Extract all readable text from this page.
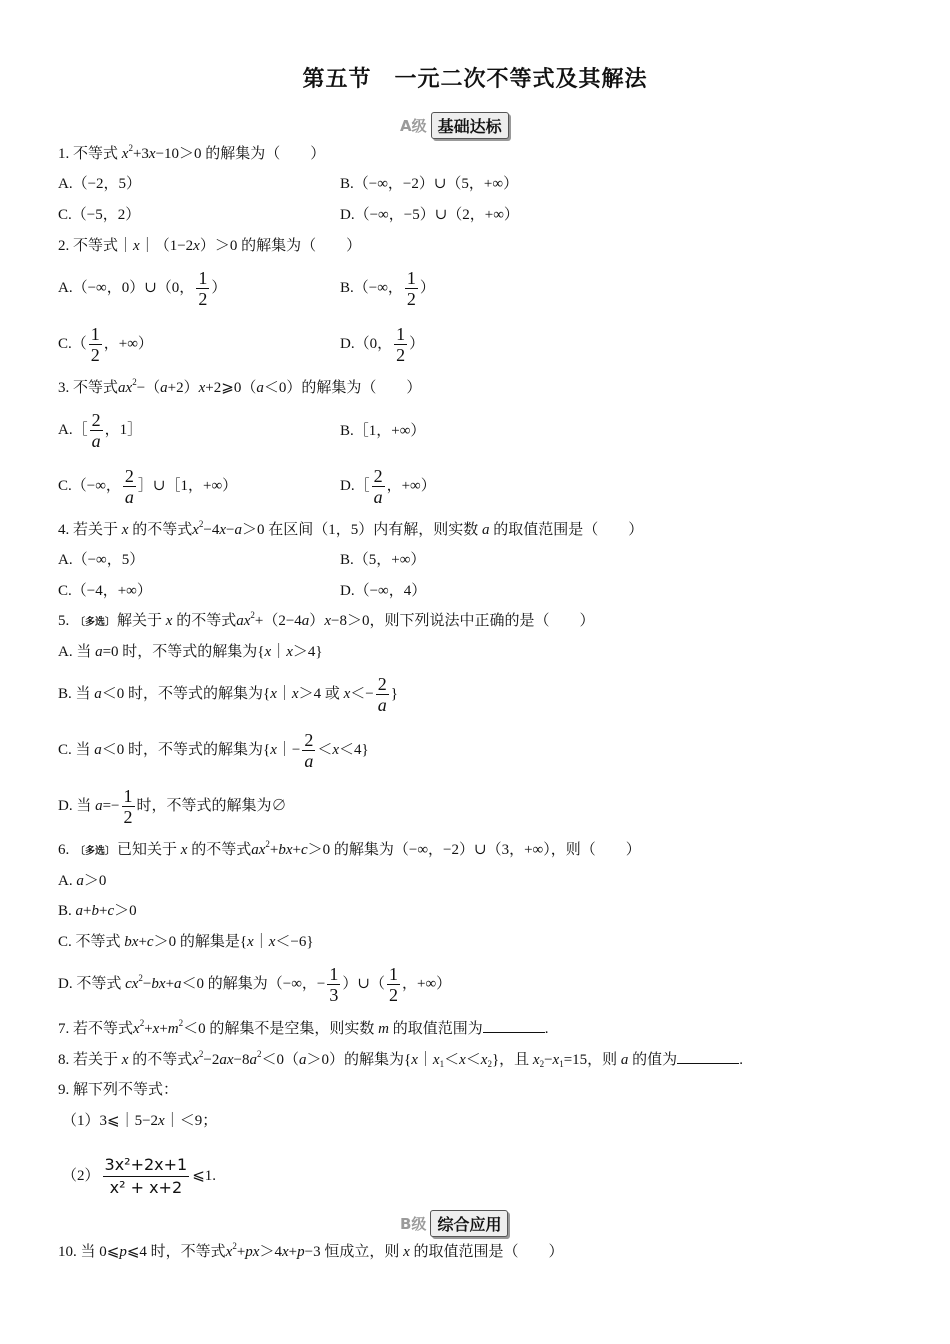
第五节　一元二次不等式及其解法
A级 基础达标
1. 不等式 $x^2+3x-10>0$ 的解集为（　　）
A.（−2，5）	B.（−∞，−2）∪（5，+∞）
C.（−5，2）	D.（−∞，−5）∪（2，+∞）
2. 不等式｜x｜（1−2x）＞0 的解集为（　　）
A.（−∞，0）∪（0， $\frac{1}{2}$ ）	B.（−∞， $\frac{1}{2}$ ）
$C.( \frac{1}{2}$ ，+∞）	D.（0， $\frac{1}{2}$ ）
3. 不等式$ax^2-(a+2)x+2⩾0(a<0)$的解集为（　　）
A.［ $\frac{2}{a}$ ，1］	B.［1，+∞）
C.（−∞， $\frac{2}{a}$ ］∪［1，+∞）	D.［ $\frac{2}{a}$ ，+∞）
4. 若关于 x 的不等式$x^2-4x-a>0$ 在区间（1，5）内有解，则实数 a 的取值范围是（　　）
A.（−∞，5）	B.（5，+∞）
C.（−4，+∞）	D.（−∞，4）
5. 〔多选〕 解关于 x 的不等式$ax^2+(2-4a)x-8>0$，则下列说法中正确的是（　　）
A. 当 a=0 时，不等式的解集为{x｜x＞4}
B. 当 a＜0 时，不等式的解集为{x｜x＞4 或 $x<- \frac{2}{a}$ }
C. 当 a＜0 时，不等式的解集为{x｜− $\frac{2}{a} <x<4$}
D. 当 $a=- \frac{1}{2}$ 时，不等式的解集为∅
6. 〔多选〕 已知关于 x 的不等式$ax^2+bx+c>0$ 的解集为（−∞，−2）∪（3，+∞），则（　　）
A. a＞0
B. a+b+c＞0
C. 不等式 bx+c＞0 的解集是{x｜x＜−6}
D. 不等式 $cx^2-bx+a<0$ 的解集为（−∞，− $\frac{1}{3}$ ）∪（ $\frac{1}{2}$ ，+∞）
7. 若不等式$x^2+x+m^2<0$ 的解集不是空集，则实数 m 的取值范围为	.
8. 若关于 x 的不等式$x^2-2ax-8a^2<0(a>0)$的解集为$\{x|x_1<x<x_2\}$，且 $x_2-x_1=15$，则 a 的值为	.
9. 解下列不等式：
（1）3⩽｜5−2x｜＜9；
$(2) \frac{\text{3x²+2x+1}}{\text{x² + x+2}}$ ⩽1.
B级 综合应用
10. 当 0⩽p⩽4 时，不等式$x^2+px>4x+p-3$ 恒成立，则 x 的取值范围是（　　）
